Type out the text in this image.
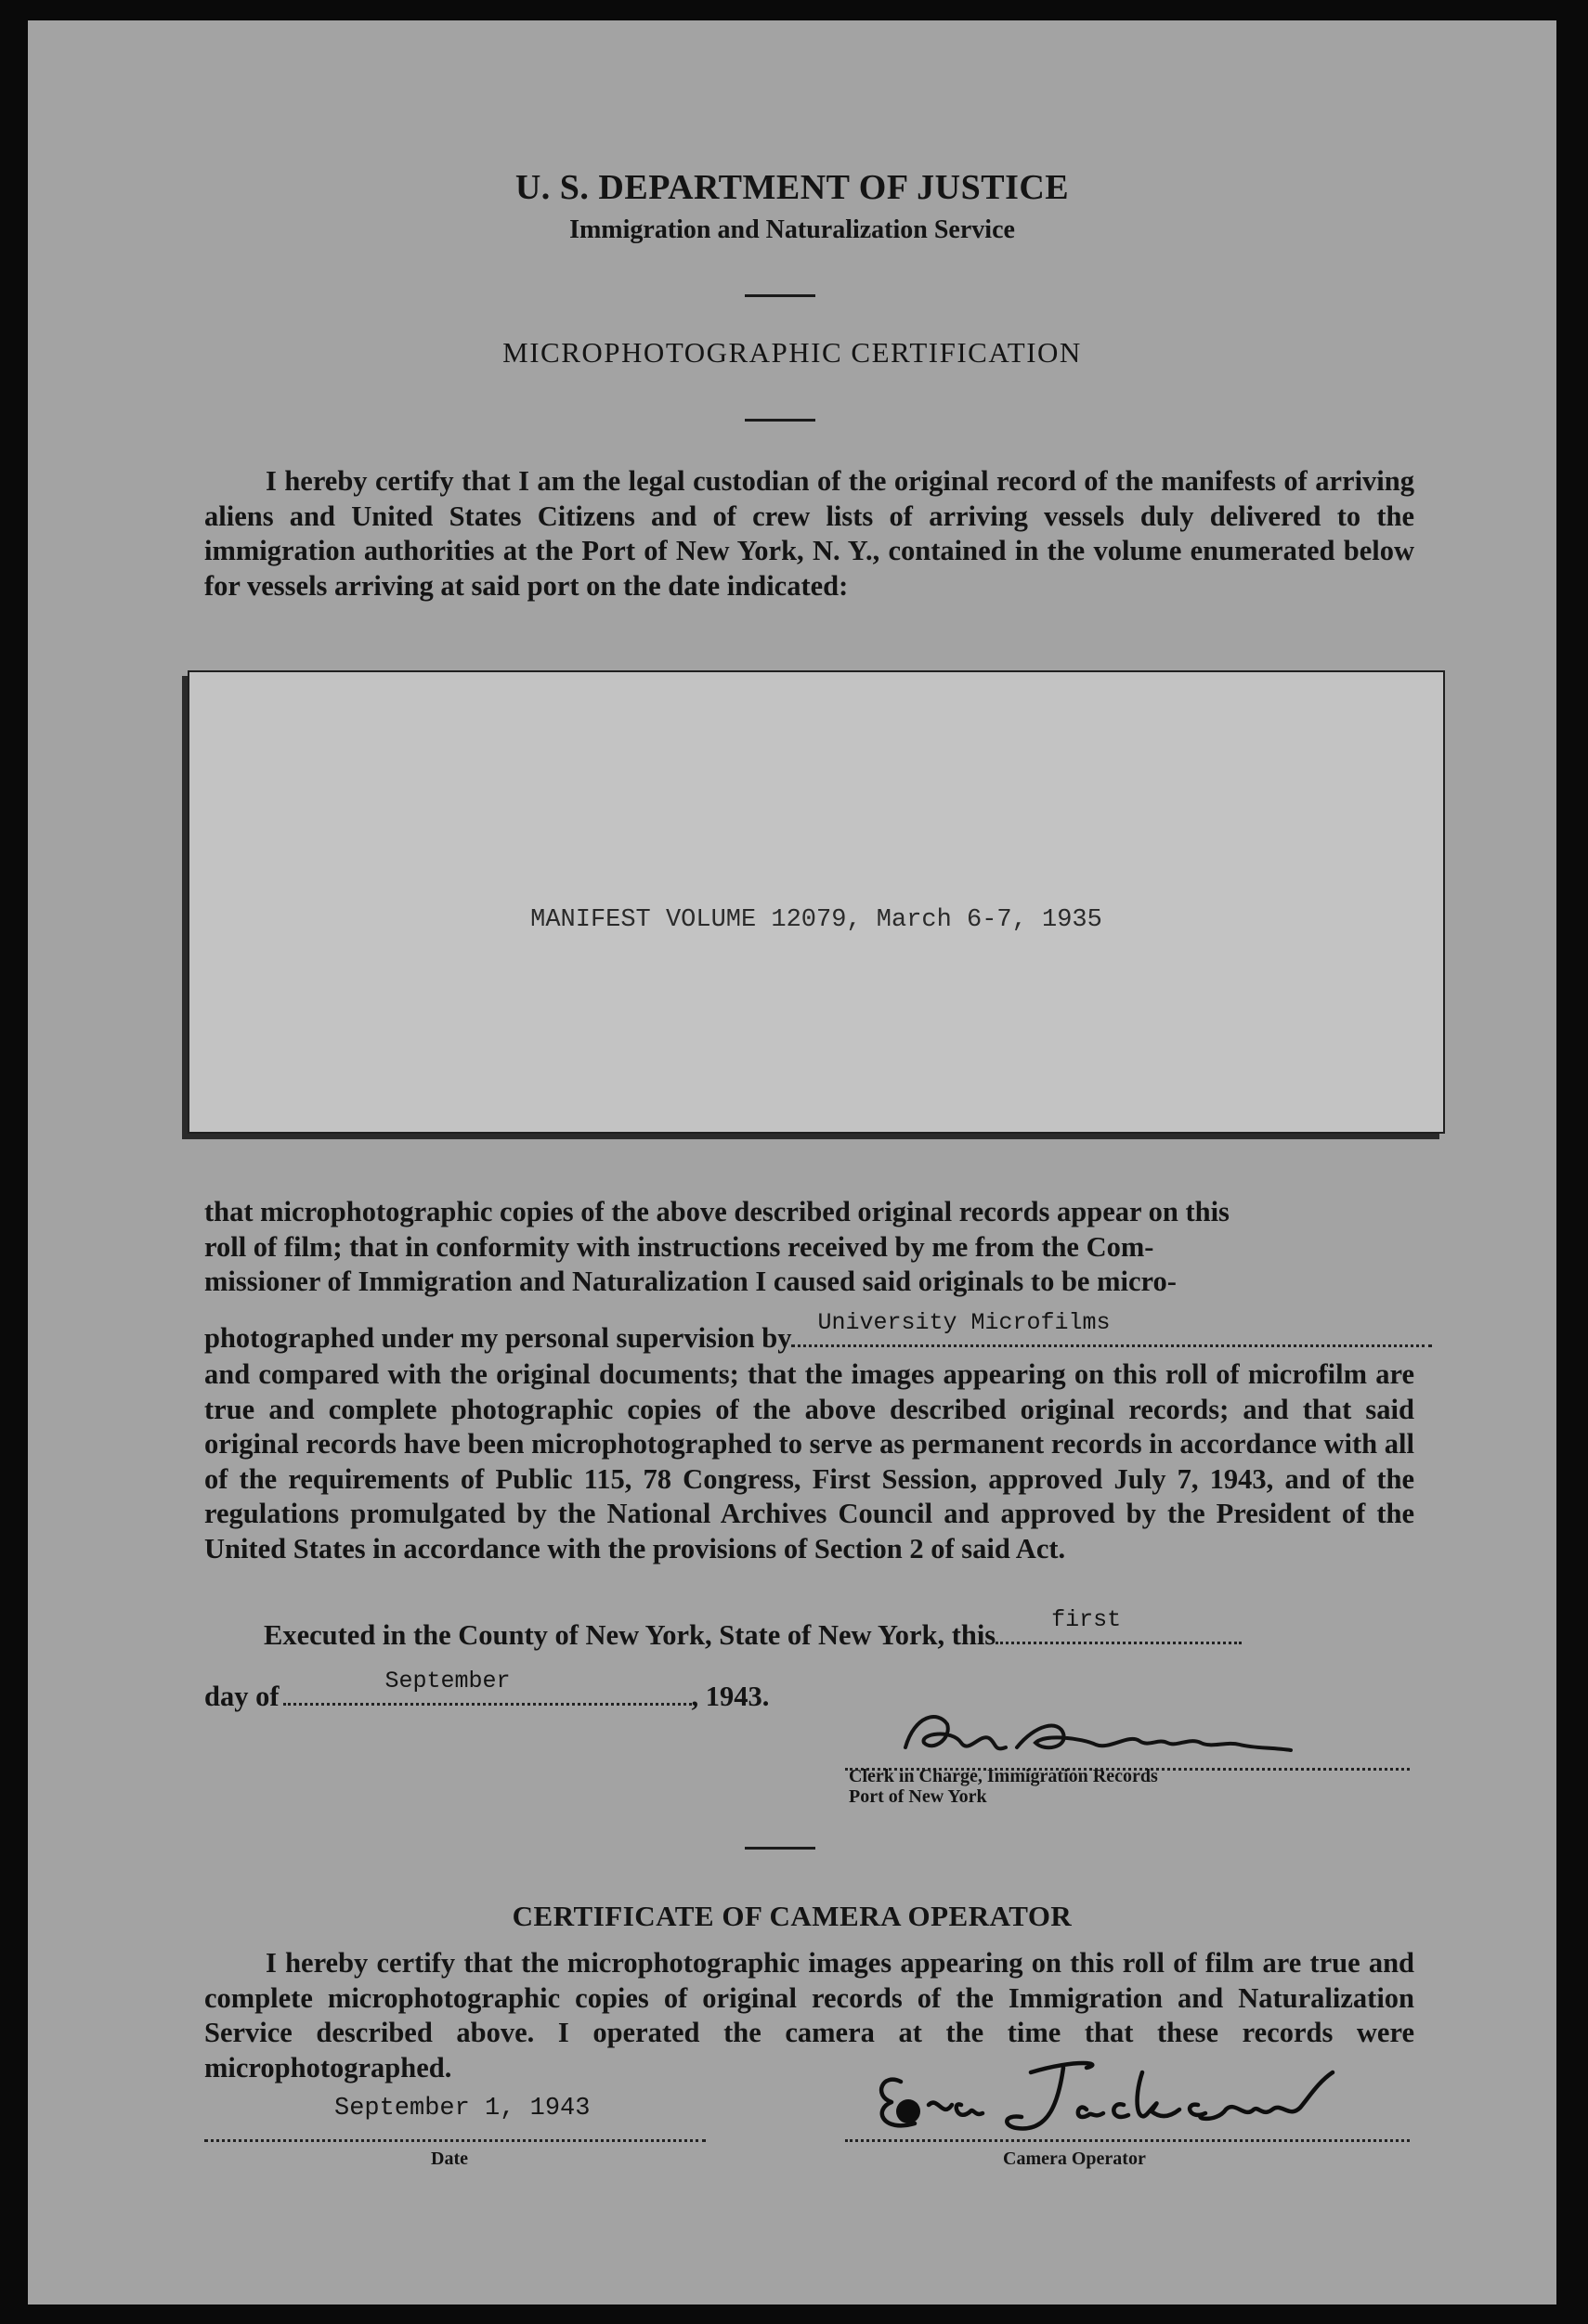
U. S. DEPARTMENT OF JUSTICE
Immigration and Naturalization Service
MICROPHOTOGRAPHIC CERTIFICATION
I hereby certify that I am the legal custodian of the original record of the manifests of arriving aliens and United States Citizens and of crew lists of arriving vessels duly delivered to the immigration authorities at the Port of New York, N. Y., contained in the volume enumerated below for vessels arriving at said port on the date indicated:
MANIFEST VOLUME 12079, March 6-7, 1935
that microphotographic copies of the above described original records appear on this
roll of film; that in conformity with instructions received by me from the Com-
missioner of Immigration and Naturalization I caused said originals to be micro-
photographed under my personal supervision by University Microfilms
and compared with the original documents; that the images appearing on this roll of microfilm are true and complete photographic copies of the above described original records; and that said original records have been microphotographed to serve as permanent records in accordance with all of the requirements of Public 115, 78 Congress, First Session, approved July 7, 1943, and of the regulations promulgated by the National Archives Council and approved by the President of the United States in accordance with the provisions of Section 2 of said Act.
Executed in the County of New York, State of New York, this first
day of	September	, 1943.
Clerk in Charge, Immigration Records
Port of New York
CERTIFICATE OF CAMERA OPERATOR
I hereby certify that the microphotographic images appearing on this roll of film are true and complete microphotographic copies of original records of the Immigration and Naturalization Service described above. I operated the camera at the time that these records were microphotographed.
September 1, 1943
Date	Camera Operator
